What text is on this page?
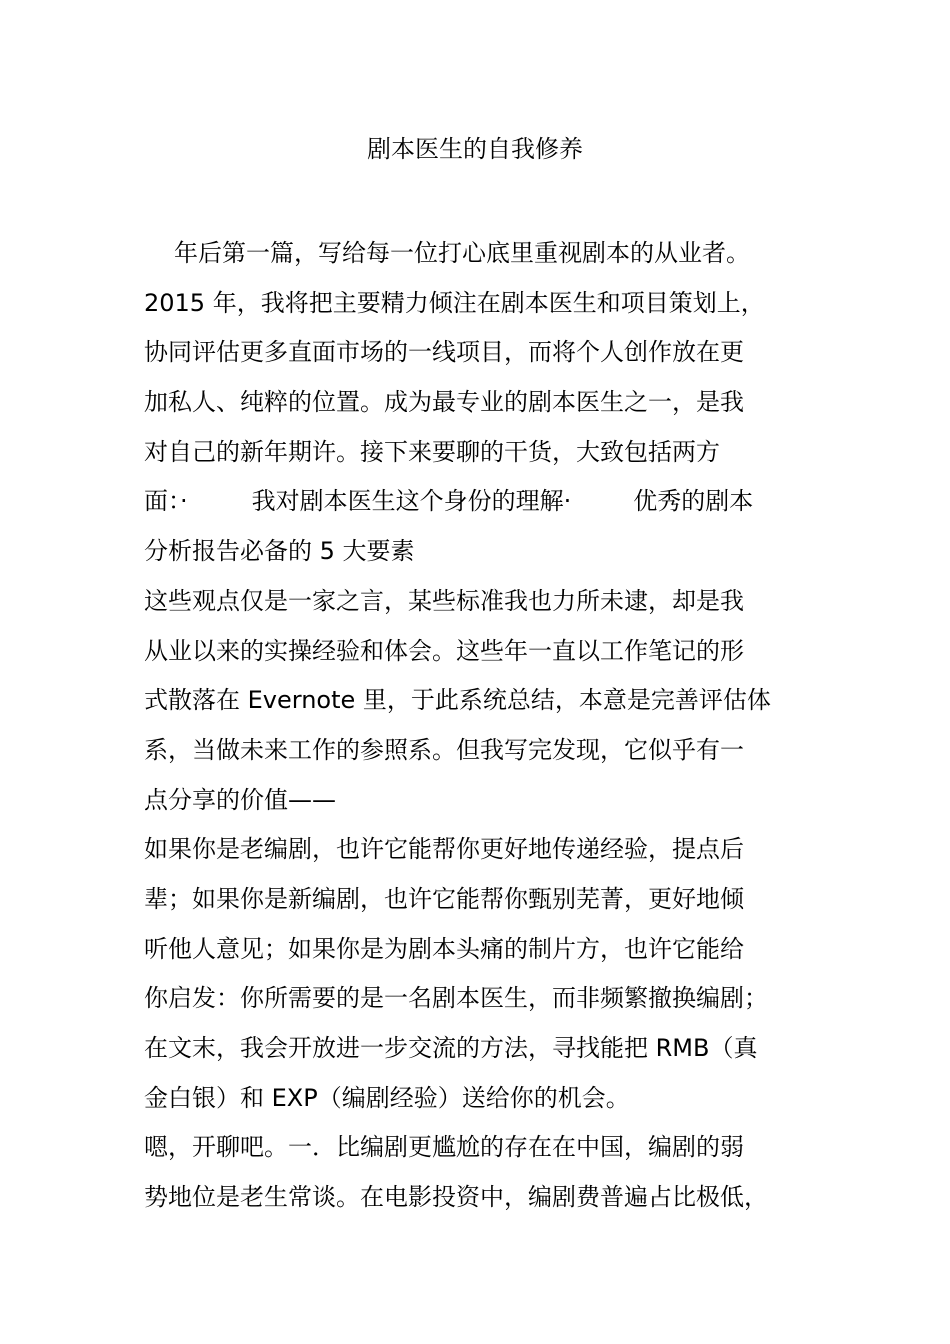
剧本医生的自我修养
年后第一篇，写给每一位打心底里重视剧本的从业者。
2015 年，我将把主要精力倾注在剧本医生和项目策划上，
协同评估更多直面市场的一线项目，而将个人创作放在更
加私人、纯粹的位置。成为最专业的剧本医生之一，是我
对自己的新年期许。接下来要聊的干货，大致包括两方
面：·	我对剧本医生这个身份的理解·	优秀的剧本
分析报告必备的 5 大要素
这些观点仅是一家之言，某些标准我也力所未逮，却是我
从业以来的实操经验和体会。这些年一直以工作笔记的形
式散落在 Evernote 里，于此系统总结，本意是完善评估体
系，当做未来工作的参照系。但我写完发现，它似乎有一
点分享的价值——
如果你是老编剧，也许它能帮你更好地传递经验，提点后
辈；如果你是新编剧，也许它能帮你甄别芜菁，更好地倾
听他人意见；如果你是为剧本头痛的制片方，也许它能给
你启发：你所需要的是一名剧本医生，而非频繁撤换编剧；
在文末，我会开放进一步交流的方法，寻找能把 RMB（真
金白银）和 EXP（编剧经验）送给你的机会。
嗯，开聊吧。一．比编剧更尴尬的存在在中国，编剧的弱
势地位是老生常谈。在电影投资中，编剧费普遍占比极低，
